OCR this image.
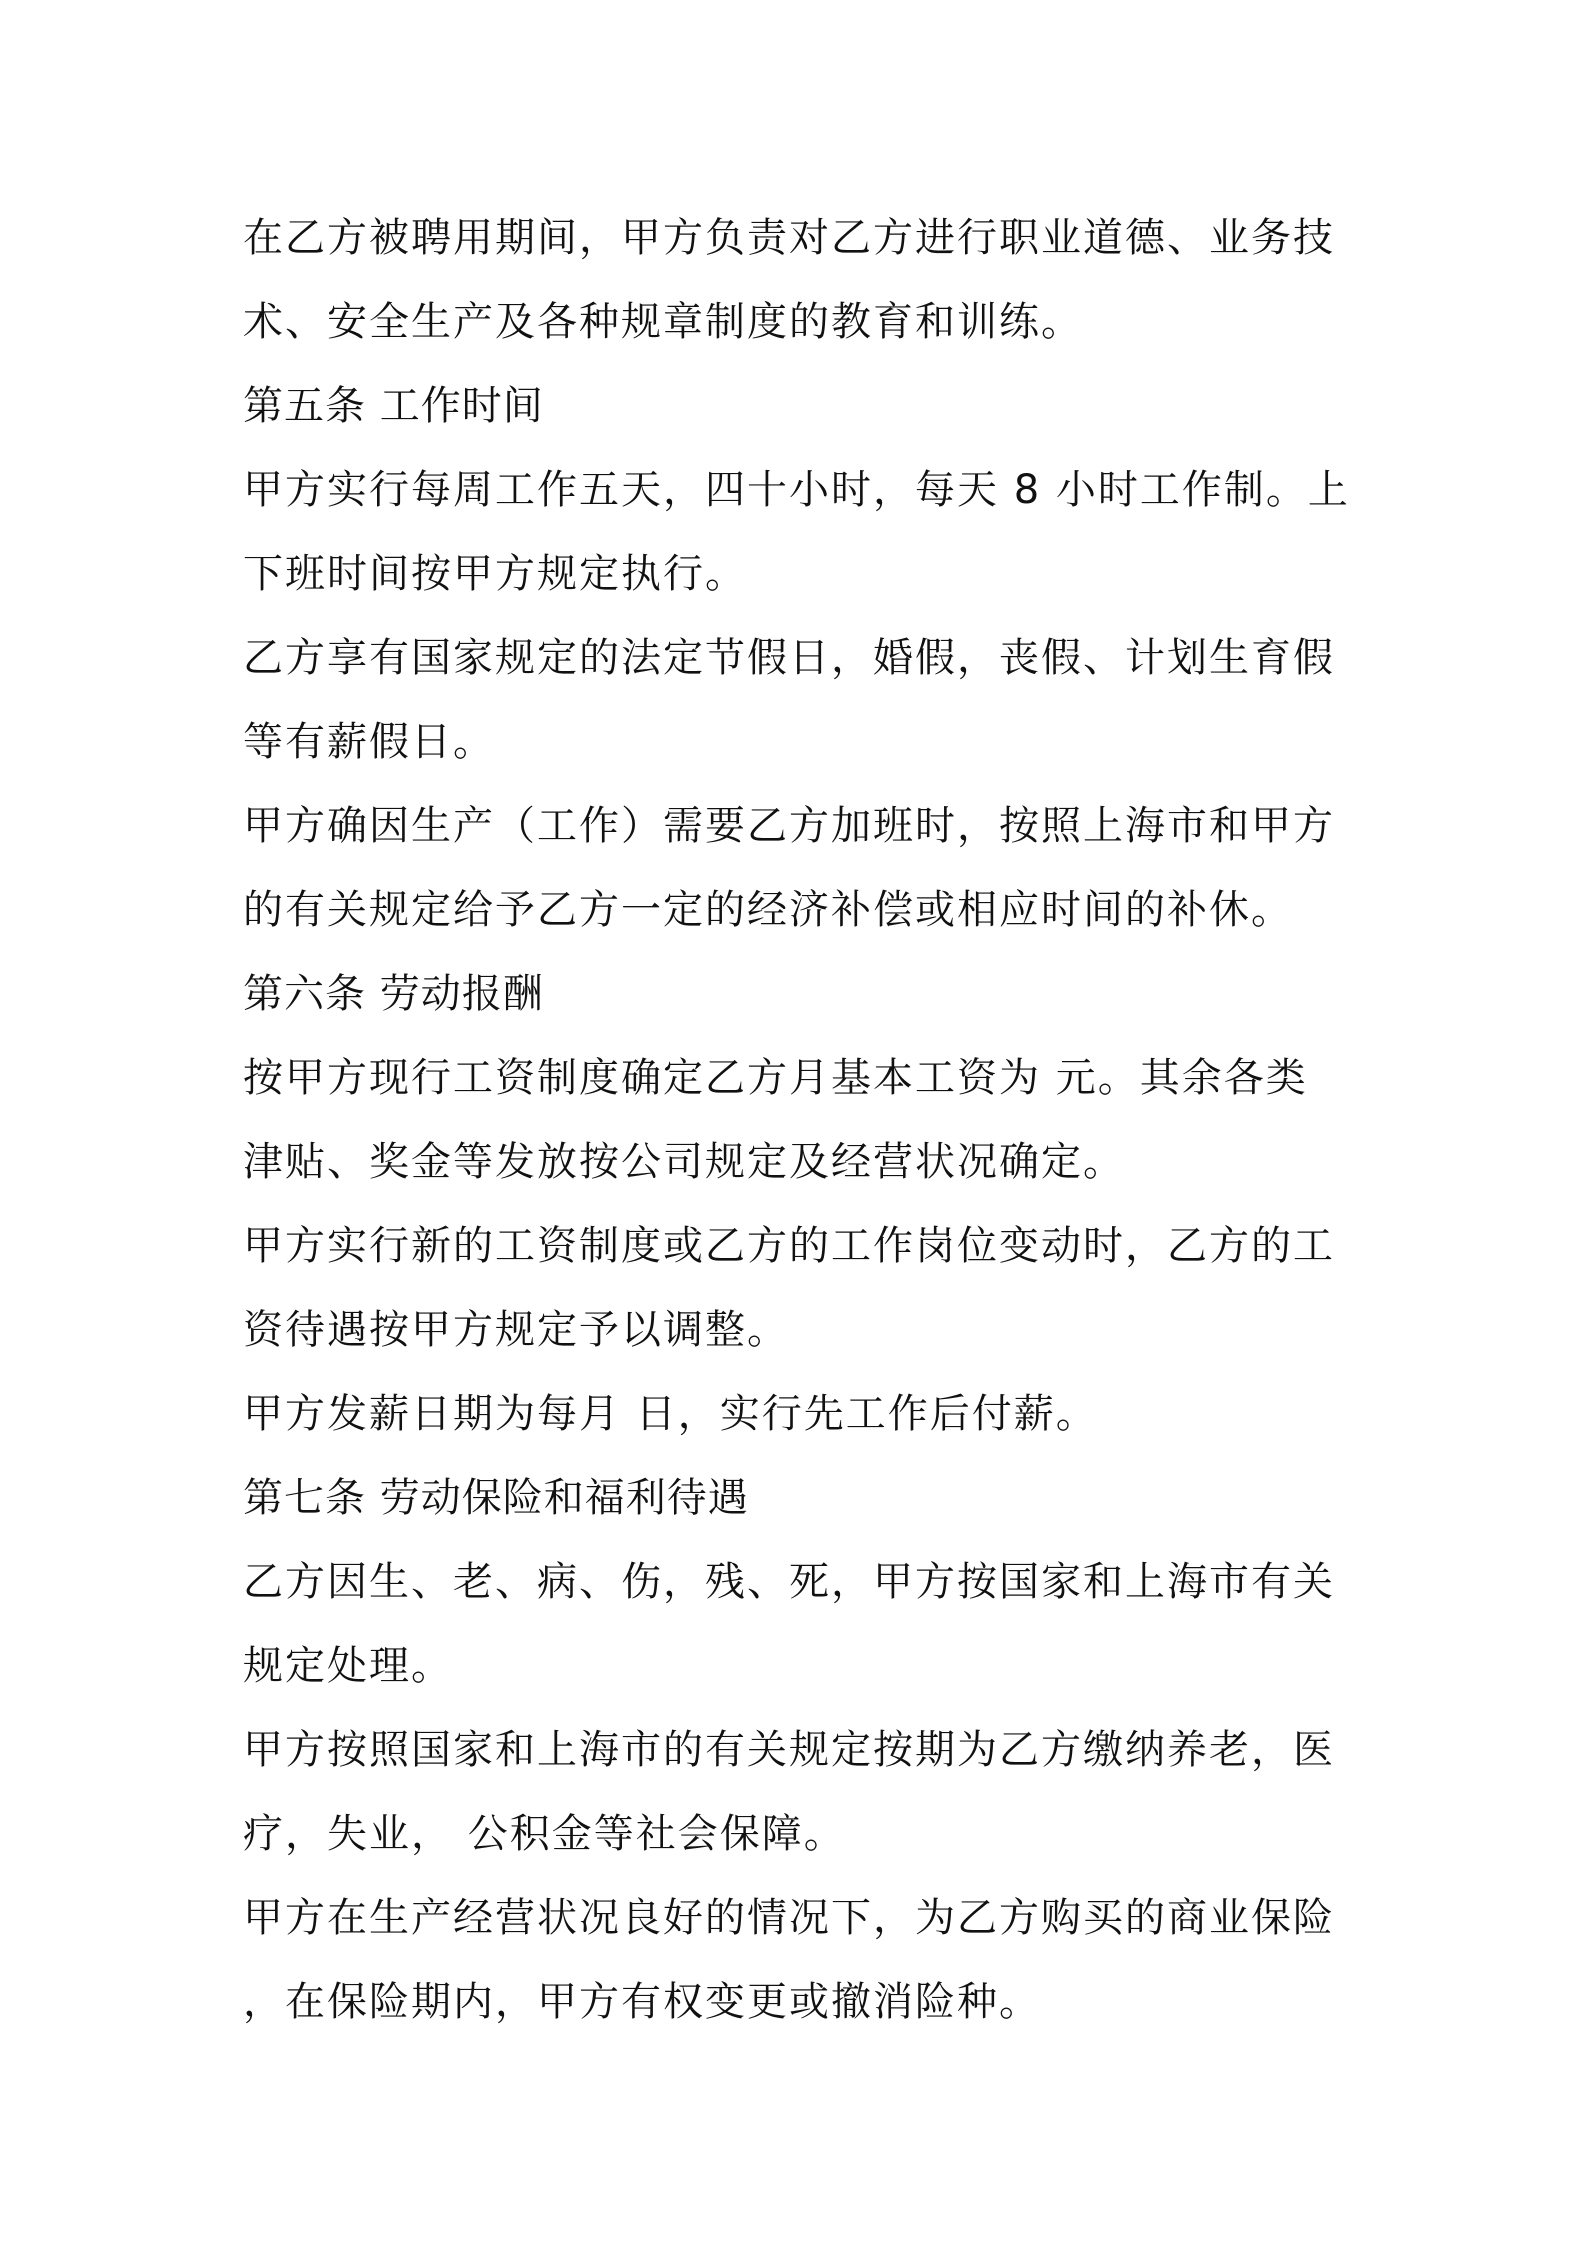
在乙方被聘用期间，甲方负责对乙方进行职业道德、业务技
术、安全生产及各种规章制度的教育和训练。
第五条 工作时间
甲方实行每周工作五天，四十小时，每天 8 小时工作制。上
下班时间按甲方规定执行。
乙方享有国家规定的法定节假日，婚假，丧假、计划生育假
等有薪假日。
甲方确因生产（工作）需要乙方加班时，按照上海市和甲方
的有关规定给予乙方一定的经济补偿或相应时间的补休。
第六条 劳动报酬
按甲方现行工资制度确定乙方月基本工资为 元。其余各类
津贴、奖金等发放按公司规定及经营状况确定。
甲方实行新的工资制度或乙方的工作岗位变动时，乙方的工
资待遇按甲方规定予以调整。
甲方发薪日期为每月 日，实行先工作后付薪。
第七条 劳动保险和福利待遇
乙方因生、老、病、伤，残、死，甲方按国家和上海市有关
规定处理。
甲方按照国家和上海市的有关规定按期为乙方缴纳养老，医
疗，失业， 公积金等社会保障。
甲方在生产经营状况良好的情况下，为乙方购买的商业保险
，在保险期内，甲方有权变更或撤消险种。
